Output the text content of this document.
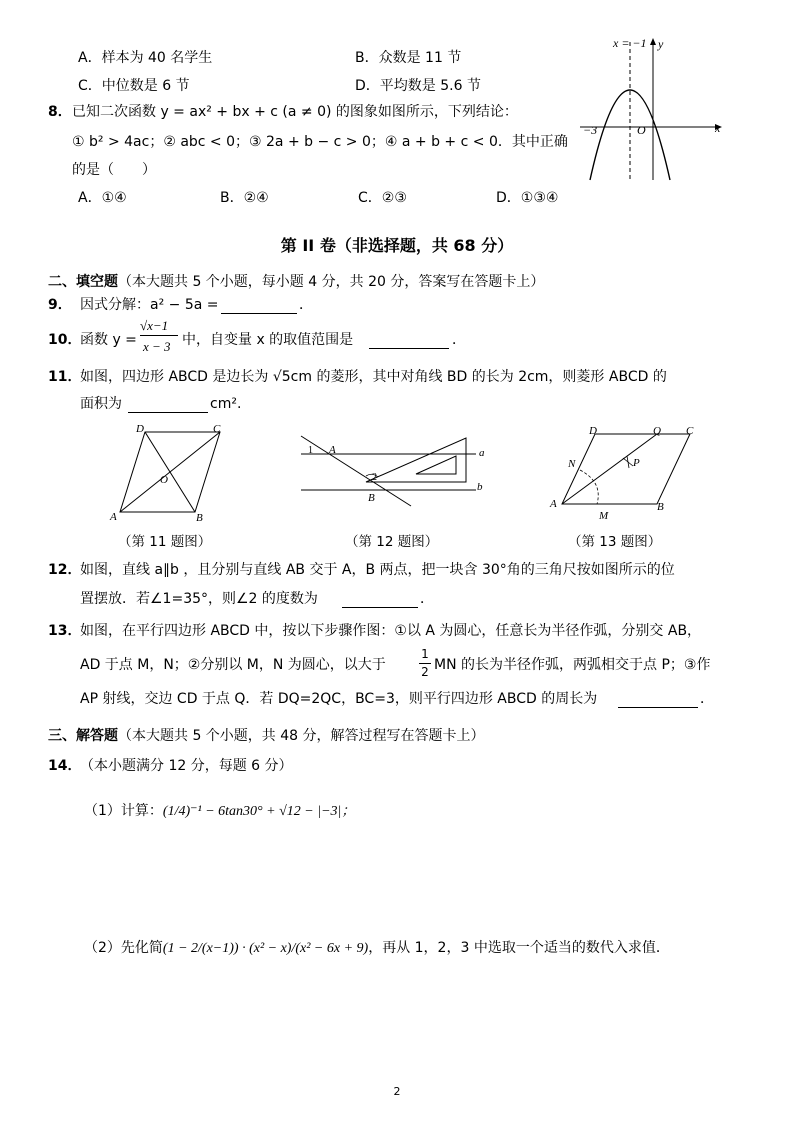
A．样本为 40 名学生	B．众数是 11 节
C．中位数是 6 节	D．平均数是 5.6 节
8． 已知二次函数 y = ax² + bx + c (a ≠ 0) 的图象如图所示，下列结论：
① b² > 4ac；② abc < 0；③ 2a + b − c > 0；④ a + b + c < 0．其中正确
的是（　　）
A．①④	B．②④	C．②③	D．①③④
x = −1 y
x
O
−3
第 II 卷（非选择题，共 68 分）
二、填空题（本大题共 5 个小题，每小题 4 分，共 20 分，答案写在答题卡上）
9． 因式分解：a² − 5a =	．
10．
函数 y =
√x−1
x − 3 中，自变量 x 的取值范围是	．
11．
如图，四边形 ABCD 是边长为 √5cm 的菱形，其中对角线 BD 的长为 2cm，则菱形 ABCD 的
面积为	cm².
D	C
A	B
O
（第 11 题图）
1 A
2
B
a
b
（第 12 题图）
D	Q C
N	P
A
M
B
（第 13 题图）
12．
如图，直线 a∥b ，且分别与直线 AB 交于 A，B 两点，把一块含 30°角的三角尺按如图所示的位
置摆放．若∠1=35°，则∠2 的度数为	．
13．
如图，在平行四边形 ABCD 中，按以下步骤作图：①以 A 为圆心，任意长为半径作弧，分别交 AB，
AD 于点 M，N；②分别以 M，N 为圆心，以大于
1
2 MN 的长为半径作弧，两弧相交于点 P；③作
AP 射线，交边 CD 于点 Q．若 DQ=2QC，BC=3，则平行四边形 ABCD 的周长为	．
三、解答题（本大题共 5 个小题，共 48 分，解答过程写在答题卡上）
14．
（本小题满分 12 分，每题 6 分）
（1）计算：(1/4)⁻¹ − 6tan30° + √12 − |−3|；
（2）先化简(1 − 2/(x−1)) · (x² − x)/(x² − 6x + 9)，再从 1，2，3 中选取一个适当的数代入求值．
2
